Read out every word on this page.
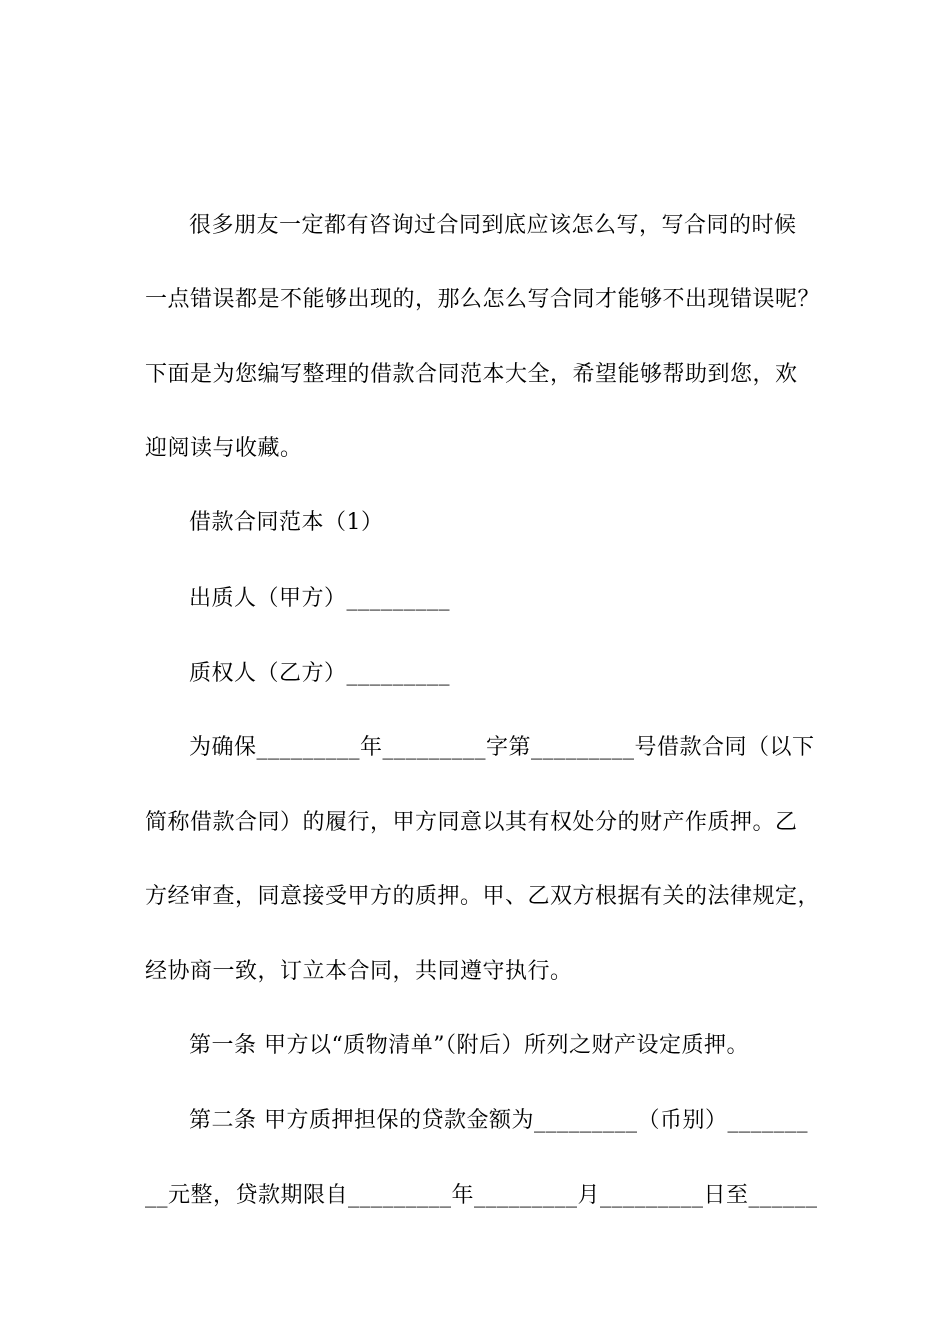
很多朋友一定都有咨询过合同到底应该怎么写，写合同的时候
一点错误都是不能够出现的，那么怎么写合同才能够不出现错误呢？
下面是为您编写整理的借款合同范本大全，希望能够帮助到您，欢
迎阅读与收藏。
借款合同范本（1）
出质人（甲方）_________
质权人（乙方）_________
为确保_________年_________字第_________号借款合同（以下
简称借款合同）的履行，甲方同意以其有权处分的财产作质押。乙
方经审查，同意接受甲方的质押。甲、乙双方根据有关的法律规定，
经协商一致，订立本合同，共同遵守执行。
第一条 甲方以“质物清单”（附后）所列之财产设定质押。
第二条 甲方质押担保的贷款金额为_________（币别）_______
__元整，贷款期限自_________年_________月_________日至______
